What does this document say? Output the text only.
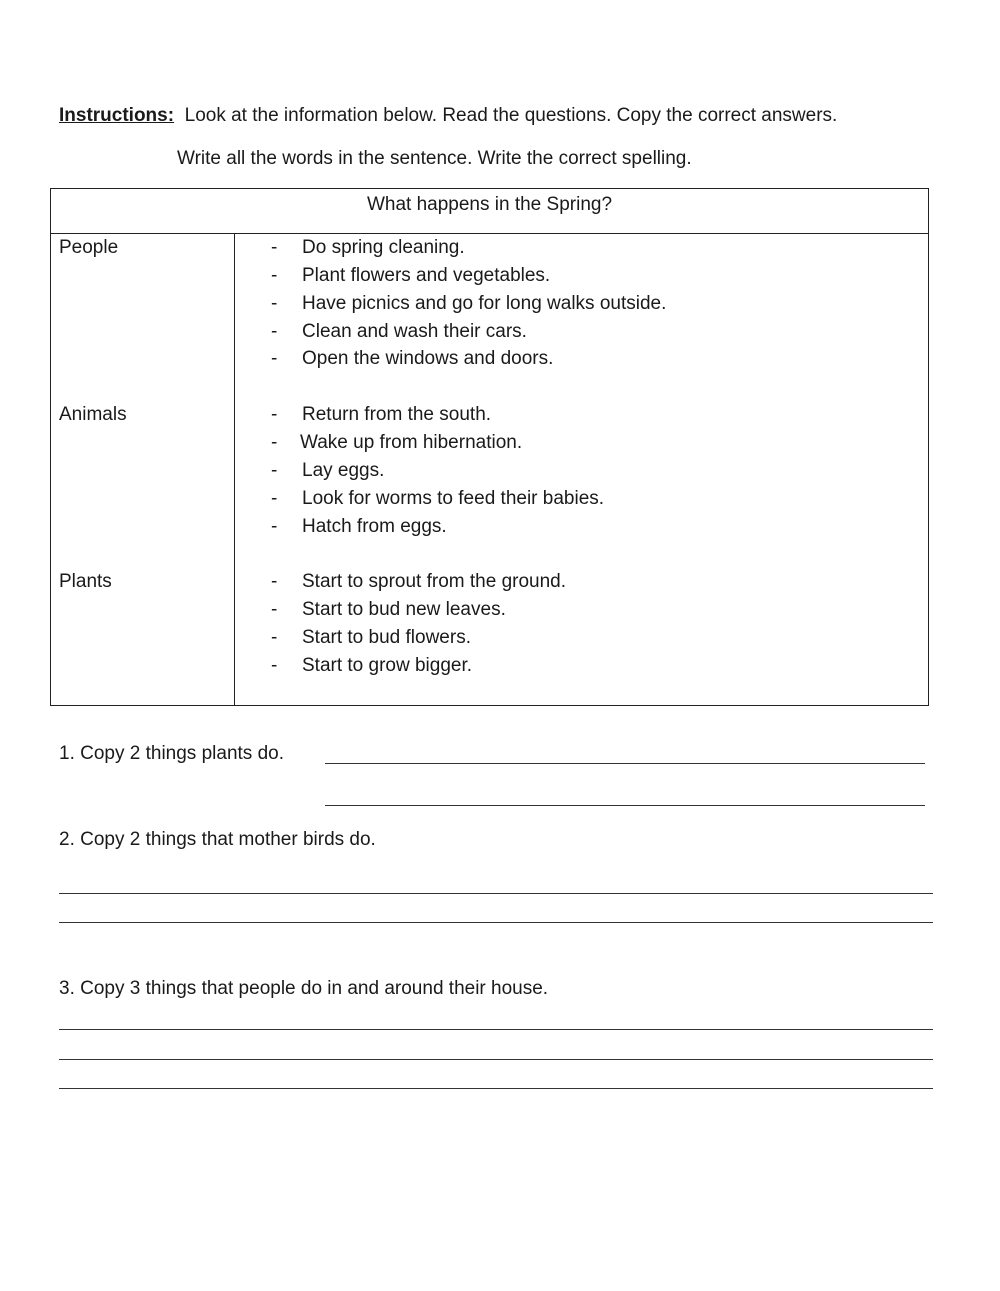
Instructions: Look at the information below. Read the questions. Copy the correct answers.
Write all the words in the sentence. Write the correct spelling.
What happens in the Spring?
People	- Do spring cleaning.
- Plant flowers and vegetables.
- Have picnics and go for long walks outside.
- Clean and wash their cars.
- Open the windows and doors.
Animals	- Return from the south.
- Wake up from hibernation.
- Lay eggs.
- Look for worms to feed their babies.
- Hatch from eggs.
Plants	- Start to sprout from the ground.
- Start to bud new leaves.
- Start to bud flowers.
- Start to grow bigger.
1. Copy 2 things plants do.
2. Copy 2 things that mother birds do.
3. Copy 3 things that people do in and around their house.
